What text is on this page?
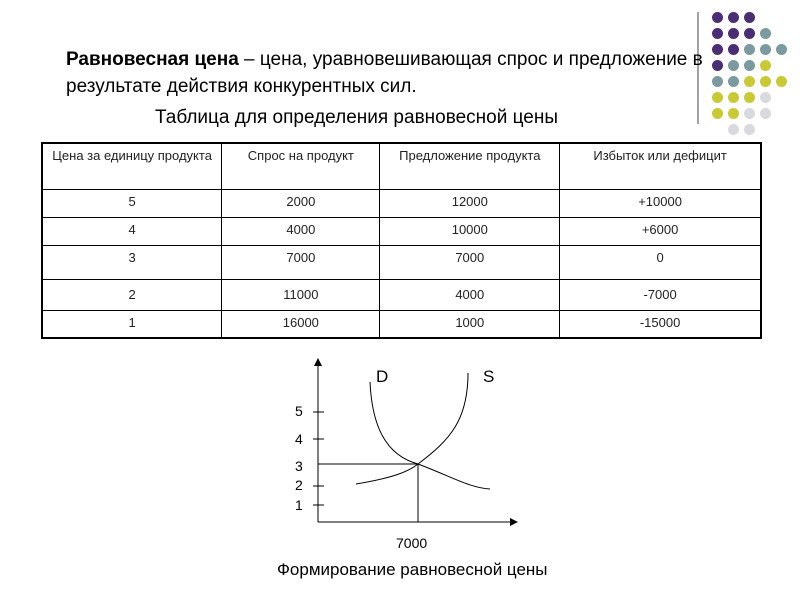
Равновесная цена – цена, уравновешивающая спрос и предложение в результате действия конкурентных сил.
Таблица для определения равновесной цены
Цена за единицу продукта	Спрос на продукт	Предложение продукта	Избыток или дефицит
5	2000	12000	+10000
4	4000	10000	+6000
3	7000	7000	0
2	11000	4000	-7000
1	16000	1000	-15000
D	S
5
4
3
2
1
7000
Формирование равновесной цены
